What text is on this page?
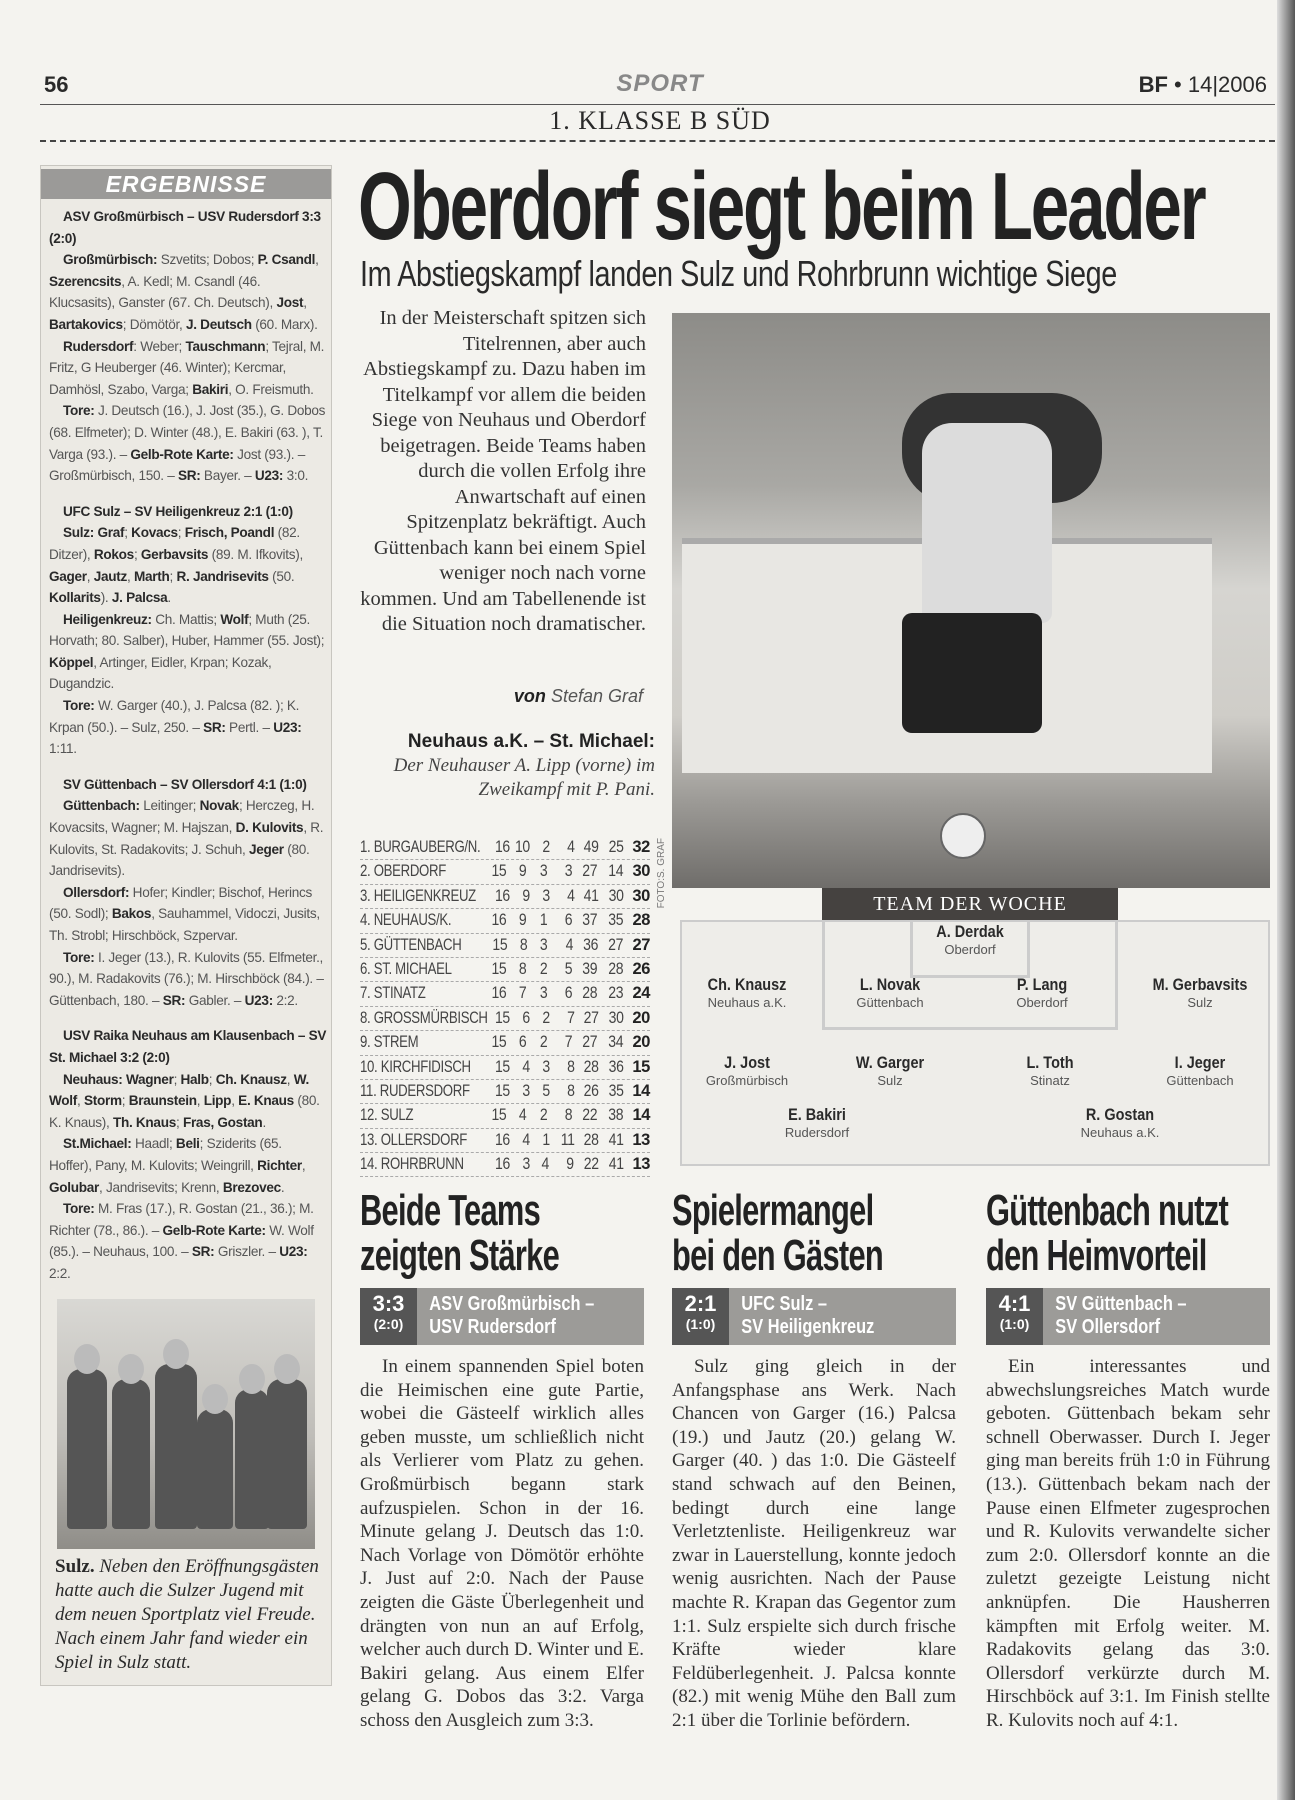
56	SPORT	BF • 14|2006
1. KLASSE B SÜD
ERGEBNISSE

ASV Großmürbisch – USV Rudersdorf 3:3 (2:0)

Großmürbisch: Szvetits; Dobos; P. Csandl, Szerencsits, A. Kedl; M. Csandl (46. Klucsasits), Ganster (67. Ch. Deutsch), Jost, Bartakovics; Dömötör, J. Deutsch (60. Marx).

Rudersdorf: Weber; Tauschmann; Tejral, M. Fritz, G Heuberger (46. Winter); Kercmar, Damhösl, Szabo, Varga; Bakiri, O. Freismuth.

Tore: J. Deutsch (16.), J. Jost (35.), G. Dobos (68. Elfmeter); D. Winter (48.), E. Bakiri (63. ), T. Varga (93.). – Gelb-Rote Karte: Jost (93.). – Großmürbisch, 150. – SR: Bayer. – U23: 3:0.

UFC Sulz – SV Heiligenkreuz 2:1 (1:0)

Sulz: Graf; Kovacs; Frisch, Poandl (82. Ditzer), Rokos; Gerbavsits (89. M. Ifkovits), Gager, Jautz, Marth; R. Jandrisevits (50. Kollarits). J. Palcsa.

Heiligenkreuz: Ch. Mattis; Wolf; Muth (25. Horvath; 80. Salber), Huber, Hammer (55. Jost); Köppel, Artinger, Eidler, Krpan; Kozak, Dugandzic.

Tore: W. Garger (40.), J. Palcsa (82. ); K. Krpan (50.). – Sulz, 250. – SR: Pertl. – U23: 1:11.

SV Güttenbach – SV Ollersdorf 4:1 (1:0)

Güttenbach: Leitinger; Novak; Herczeg, H. Kovacsits, Wagner; M. Hajszan, D. Kulovits, R. Kulovits, St. Radakovits; J. Schuh, Jeger (80. Jandrisevits).

Ollersdorf: Hofer; Kindler; Bischof, Herincs (50. Sodl); Bakos, Sauhammel, Vidoczi, Jusits, Th. Strobl; Hirschböck, Szpervar.

Tore: I. Jeger (13.), R. Kulovits (55. Elfmeter., 90.), M. Radakovits (76.); M. Hirschböck (84.). – Güttenbach, 180. – SR: Gabler. – U23: 2:2.

USV Raika Neuhaus am Klausenbach – SV St. Michael 3:2 (2:0)

Neuhaus: Wagner; Halb; Ch. Knausz, W. Wolf, Storm; Braunstein, Lipp, E. Knaus (80. K. Knaus), Th. Knaus; Fras, Gostan.

St.Michael: Haadl; Beli; Sziderits (65. Hoffer), Pany, M. Kulovits; Weingrill, Richter, Golubar, Jandrisevits; Krenn, Brezovec.

Tore: M. Fras (17.), R. Gostan (21., 36.); M. Richter (78., 86.). – Gelb-Rote Karte: W. Wolf (85.). – Neuhaus, 100. – SR: Griszler. – U23: 2:2.

Sulz. Neben den Eröffnungsgästen hatte auch die Sulzer Jugend mit dem neuen Sportplatz viel Freude. Nach einem Jahr fand wieder ein Spiel in Sulz statt.
Oberdorf siegt beim Leader
Im Abstiegskampf landen Sulz und Rohrbrunn wichtige Siege
In der Meisterschaft spitzen sich Titelrennen, aber auch Abstiegskampf zu. Dazu haben im Titelkampf vor allem die beiden Siege von Neuhaus und Oberdorf beigetragen. Beide Teams haben durch die vollen Erfolg ihre Anwartschaft auf einen Spitzenplatz bekräftigt. Auch Güttenbach kann bei einem Spiel weniger noch nach vorne kommen. Und am Tabellenende ist die Situation noch dramatischer.
von Stefan Graf
Neuhaus a.K. – St. Michael: Der Neuhauser A. Lipp (vorne) im Zweikampf mit P. Pani.
FOTO:S. GRAF
1. BURGAUBERG/N. 16 10 2	4 49 25 32
2. OBERDORF	15 9 3	3 27 14 30
3. HEILIGENKREUZ	16 9 3	4 41 30 30
4. NEUHAUS/K.	16 9 1	6 37 35 28
5. GÜTTENBACH	15 8 3	4 36 27 27
6. ST. MICHAEL	15 8 2	5 39 28 26
7. STINATZ	16 7 3	6 28 23 24
8. GROSSMÜRBISCH 15 6 2	7 27 30 20
9. STREM	15 6 2	7 27 34 20
10. KIRCHFIDISCH	15 4 3	8 28 36 15
11. RUDERSDORF	15 3 5	8 26 35 14
12. SULZ	15 4 2	8 22 38 14
13. OLLERSDORF	16 4 1 11 28 41 13
14. ROHRBRUNN	16 3 4	9 22 41 13
TEAM DER WOCHE
A. Derdak
Oberdorf
Ch. Knausz
Neuhaus a.K.
L. Novak
Güttenbach
P. Lang
Oberdorf
M. Gerbavsits
Sulz
J. Jost
Großmürbisch
W. Garger
Sulz
L. Toth
Stinatz
I. Jeger
Güttenbach
E. Bakiri
Rudersdorf
R. Gostan
Neuhaus a.K.
Beide Teams
zeigten Stärke
3:3
(2:0)
ASV Großmürbisch –
USV Rudersdorf
In einem spannenden Spiel boten die Heimischen eine gute Partie, wobei die Gästeelf wirklich alles geben musste, um schließlich nicht als Verlierer vom Platz zu gehen. Großmürbisch begann stark aufzuspielen. Schon in der 16. Minute gelang J. Deutsch das 1:0. Nach Vorlage von Dömötör erhöhte J. Just auf 2:0. Nach der Pause zeigten die Gäste Überlegenheit und drängten von nun an auf Erfolg, welcher auch durch D. Winter und E. Bakiri gelang. Aus einem Elfer gelang G. Dobos das 3:2. Varga schoss den Ausgleich zum 3:3.
Spielermangel
bei den Gästen
2:1
(1:0)
UFC Sulz –
SV Heiligenkreuz
Sulz ging gleich in der Anfangsphase ans Werk. Nach Chancen von Garger (16.) Palcsa (19.) und Jautz (20.) gelang W. Garger (40. ) das 1:0. Die Gästeelf stand schwach auf den Beinen, bedingt durch eine lange Verletztenliste. Heiligenkreuz war zwar in Lauerstellung, konnte jedoch wenig ausrichten. Nach der Pause machte R. Krapan das Gegentor zum 1:1. Sulz erspielte sich durch frische Kräfte wieder klare Feldüberlegenheit. J. Palcsa konnte (82.) mit wenig Mühe den Ball zum 2:1 über die Torlinie befördern.
Güttenbach nutzt
den Heimvorteil
4:1
(1:0)
SV Güttenbach –
SV Ollersdorf
Ein interessantes und abwechslungsreiches Match wurde geboten. Güttenbach bekam sehr schnell Oberwasser. Durch I. Jeger ging man bereits früh 1:0 in Führung (13.). Güttenbach bekam nach der Pause einen Elfmeter zugesprochen und R. Kulovits verwandelte sicher zum 2:0. Ollersdorf konnte an die zuletzt gezeigte Leistung nicht anknüpfen. Die Hausherren kämpften mit Erfolg weiter. M. Radakovits gelang das 3:0. Ollersdorf verkürzte durch M. Hirschböck auf 3:1. Im Finish stellte R. Kulovits noch auf 4:1.
